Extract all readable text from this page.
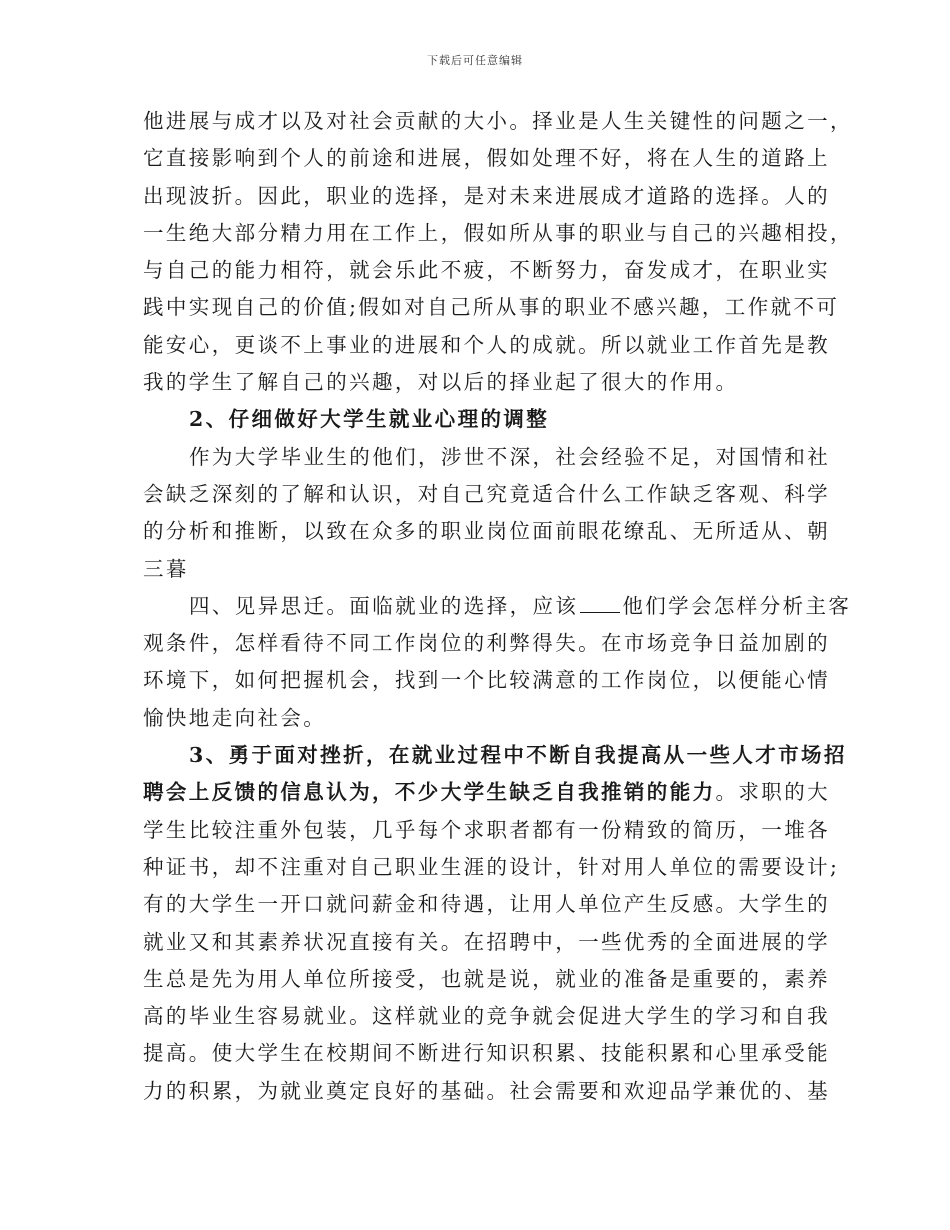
下载后可任意编辑
他进展与成才以及对社会贡献的大小。择业是人生关键性的问题之一，
它直接影响到个人的前途和进展，假如处理不好，将在人生的道路上
出现波折。因此，职业的选择，是对未来进展成才道路的选择。人的
一生绝大部分精力用在工作上，假如所从事的职业与自己的兴趣相投，
与自己的能力相符，就会乐此不疲，不断努力，奋发成才，在职业实
践中实现自己的价值;假如对自己所从事的职业不感兴趣，工作就不可
能安心，更谈不上事业的进展和个人的成就。所以就业工作首先是教
我的学生了解自己的兴趣，对以后的择业起了很大的作用。
2、仔细做好大学生就业心理的调整
作为大学毕业生的他们，涉世不深，社会经验不足，对国情和社
会缺乏深刻的了解和认识，对自己究竟适合什么工作缺乏客观、科学
的分析和推断，以致在众多的职业岗位面前眼花缭乱、无所适从、朝
三暮
四、见异思迁。面临就业的选择，应该 他们学会怎样分析主客
观条件，怎样看待不同工作岗位的利弊得失。在市场竞争日益加剧的
环境下，如何把握机会，找到一个比较满意的工作岗位，以便能心情
愉快地走向社会。
3、勇于面对挫折，在就业过程中不断自我提高从一些人才市场招
聘会上反馈的信息认为，不少大学生缺乏自我推销的能力。求职的大
学生比较注重外包装，几乎每个求职者都有一份精致的简历，一堆各
种证书，却不注重对自己职业生涯的设计，针对用人单位的需要设计;
有的大学生一开口就问薪金和待遇，让用人单位产生反感。大学生的
就业又和其素养状况直接有关。在招聘中，一些优秀的全面进展的学
生总是先为用人单位所接受，也就是说，就业的准备是重要的，素养
高的毕业生容易就业。这样就业的竞争就会促进大学生的学习和自我
提高。使大学生在校期间不断进行知识积累、技能积累和心里承受能
力的积累，为就业奠定良好的基础。社会需要和欢迎品学兼优的、基
